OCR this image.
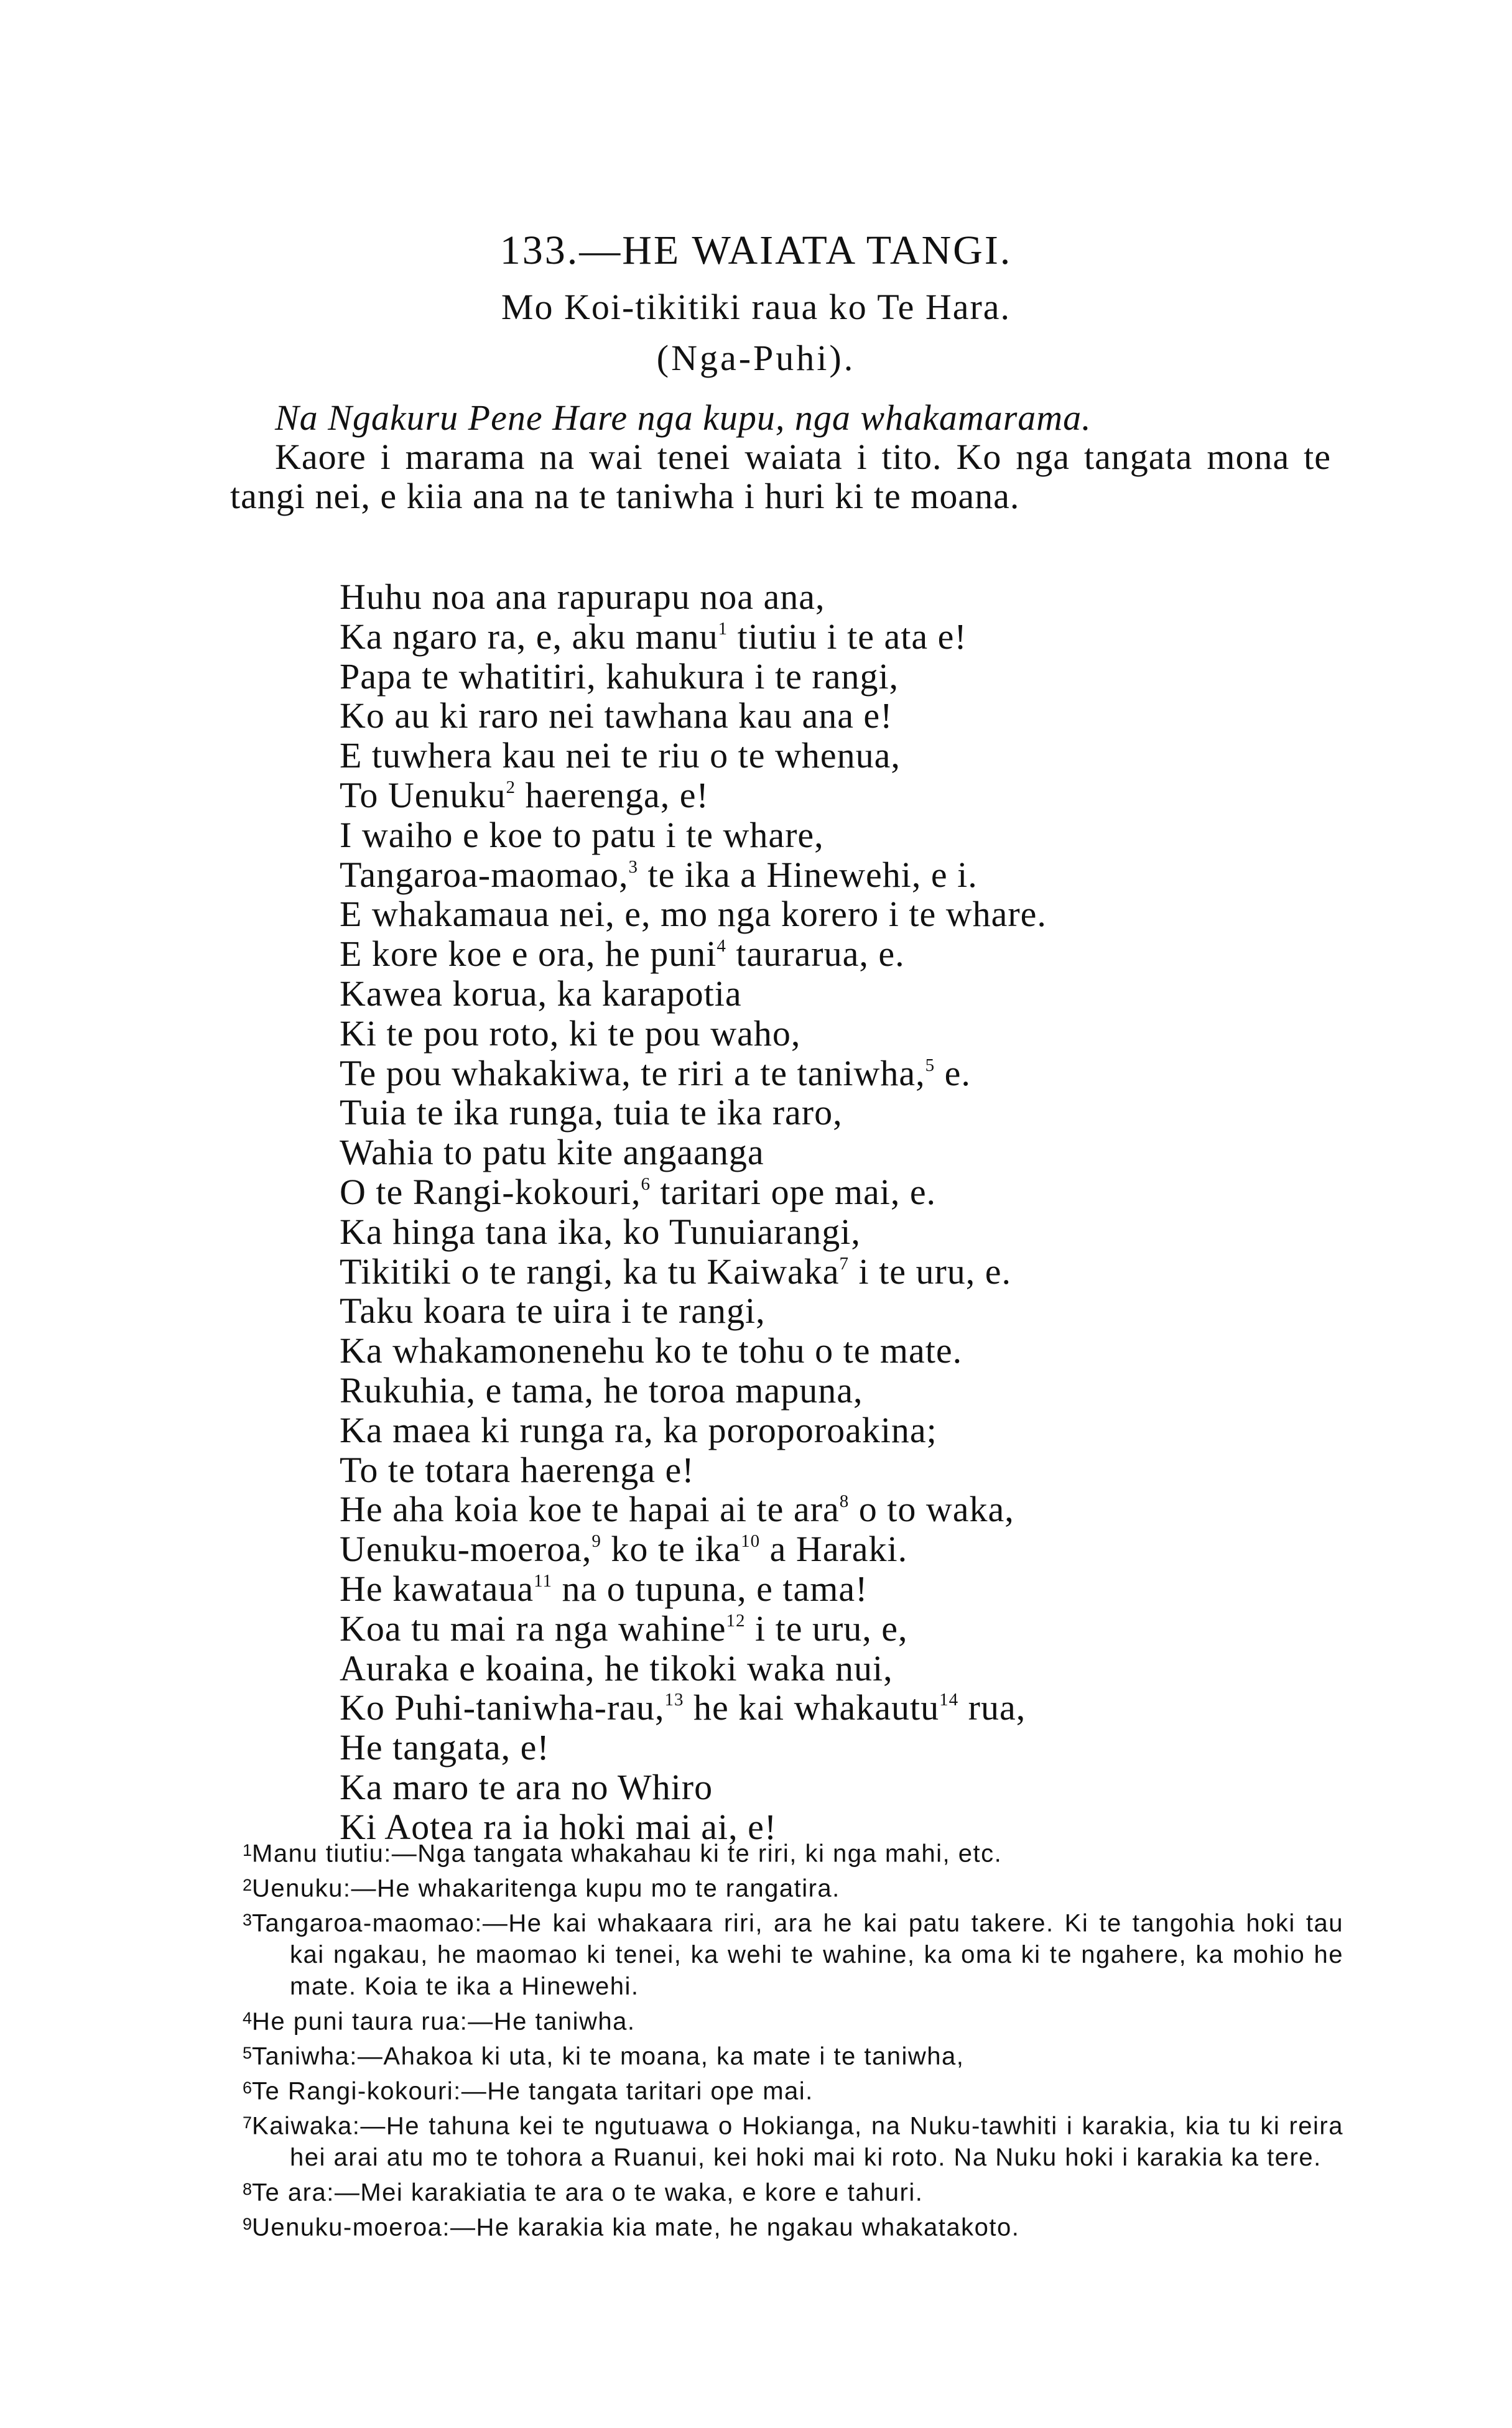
133.—HE WAIATA TANGI.
Mo Koi-tikitiki raua ko Te Hara.
(Nga-Puhi).
Na Ngakuru Pene Hare nga kupu, nga whakamarama.
Kaore i marama na wai tenei waiata i tito. Ko nga tangata mona te tangi nei, e kiia ana na te taniwha i huri ki te moana.
Huhu noa ana rapurapu noa ana,
Ka ngaro ra, e, aku manu$^1$ tiutiu i te ata e!
Papa te whatitiri, kahukura i te rangi,
Ko au ki raro nei tawhana kau ana e!
E tuwhera kau nei te riu o te whenua,
To Uenuku$^2$ haerenga, e!
I waiho e koe to patu i te whare,
Tangaroa-maomao,$^3$ te ika a Hinewehi, e i.
E whakamaua nei, e, mo nga korero i te whare.
E kore koe e ora, he puni$^4$ taurarua, e.
Kawea korua, ka karapotia
Ki te pou roto, ki te pou waho,
Te pou whakakiwa, te riri a te taniwha,$^5$ e.
Tuia te ika runga, tuia te ika raro,
Wahia to patu kite angaanga
O te Rangi-kokouri,$^6$ taritari ope mai, e.
Ka hinga tana ika, ko Tunuiarangi,
Tikitiki o te rangi, ka tu Kaiwaka$^7$ i te uru, e.
Taku koara te uira i te rangi,
Ka whakamonenehu ko te tohu o te mate.
Rukuhia, e tama, he toroa mapuna,
Ka maea ki runga ra, ka poroporoakina;
To te totara haerenga e!
He aha koia koe te hapai ai te ara$^8$ o to waka,
Uenuku-moeroa,$^9$ ko te ika$^{10}$ a Haraki.
He kawataua$^{11}$ na o tupuna, e tama!
Koa tu mai ra nga wahine$^{12}$ i te uru, e,
Auraka e koaina, he tikoki waka nui,
Ko Puhi-taniwha-rau,$^{13}$ he kai whakautu$^{14}$ rua,
He tangata, e!
Ka maro te ara no Whiro
Ki Aotea ra ia hoki mai ai, e!
$^1$Manu tiutiu:—Nga tangata whakahau ki te riri, ki nga mahi, etc.
$^2$Uenuku:—He whakaritenga kupu mo te rangatira.
$^3$Tangaroa-maomao:—He kai whakaara riri, ara he kai patu takere. Ki te tangohia hoki tau kai ngakau, he maomao ki tenei, ka wehi te wahine, ka oma ki te ngahere, ka mohio he mate. Koia te ika a Hinewehi.
$^4$He puni taura rua:—He taniwha.
$^5$Taniwha:—Ahakoa ki uta, ki te moana, ka mate i te taniwha,
$^6$Te Rangi-kokouri:—He tangata taritari ope mai.
$^7$Kaiwaka:—He tahuna kei te ngutuawa o Hokianga, na Nuku-tawhiti i karakia, kia tu ki reira hei arai atu mo te tohora a Ruanui, kei hoki mai ki roto. Na Nuku hoki i karakia ka tere.
$^8$Te ara:—Mei karakiatia te ara o te waka, e kore e tahuri.
$^9$Uenuku-moeroa:—He karakia kia mate, he ngakau whakatakoto.
